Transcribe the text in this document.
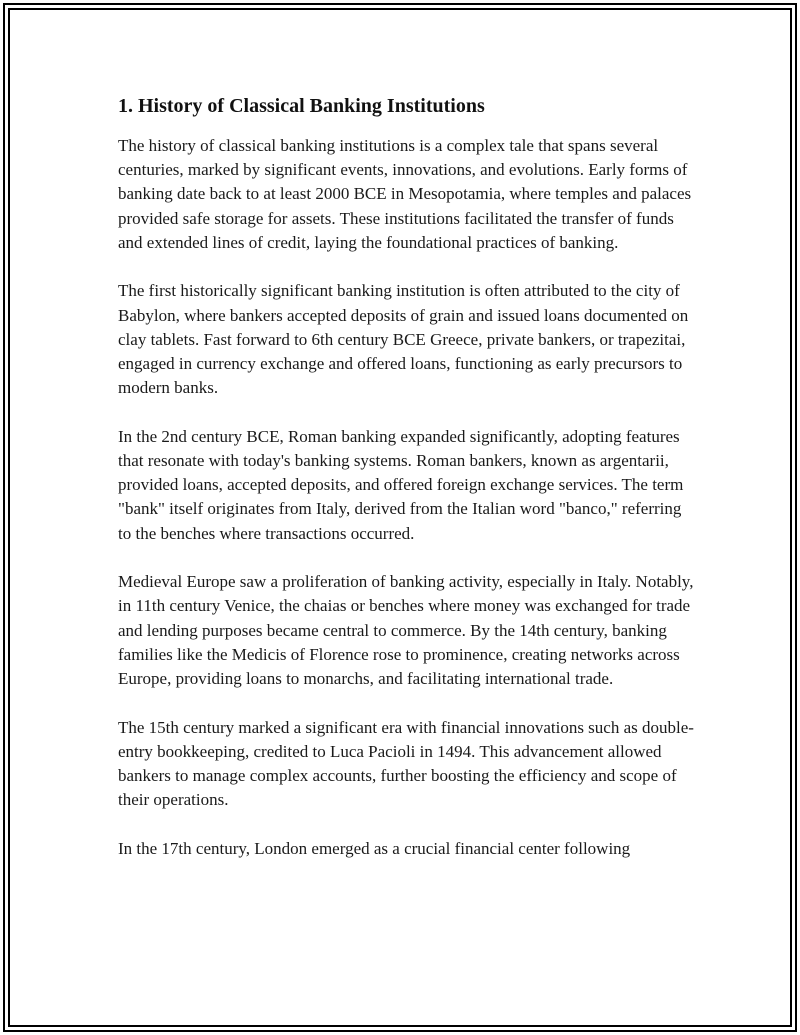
1. History of Classical Banking Institutions

The history of classical banking institutions is a complex tale that spans several centuries, marked by significant events, innovations, and evolutions. Early forms of banking date back to at least 2000 BCE in Mesopotamia, where temples and palaces provided safe storage for assets. These institutions facilitated the transfer of funds and extended lines of credit, laying the foundational practices of banking.

The first historically significant banking institution is often attributed to the city of Babylon, where bankers accepted deposits of grain and issued loans documented on clay tablets. Fast forward to 6th century BCE Greece, private bankers, or trapezitai, engaged in currency exchange and offered loans, functioning as early precursors to modern banks.

In the 2nd century BCE, Roman banking expanded significantly, adopting features that resonate with today's banking systems. Roman bankers, known as argentarii, provided loans, accepted deposits, and offered foreign exchange services. The term "bank" itself originates from Italy, derived from the Italian word "banco," referring to the benches where transactions occurred.

Medieval Europe saw a proliferation of banking activity, especially in Italy. Notably, in 11th century Venice, the chaias or benches where money was exchanged for trade and lending purposes became central to commerce. By the 14th century, banking families like the Medicis of Florence rose to prominence, creating networks across Europe, providing loans to monarchs, and facilitating international trade.

The 15th century marked a significant era with financial innovations such as double-entry bookkeeping, credited to Luca Pacioli in 1494. This advancement allowed bankers to manage complex accounts, further boosting the efficiency and scope of their operations.

In the 17th century, London emerged as a crucial financial center following
